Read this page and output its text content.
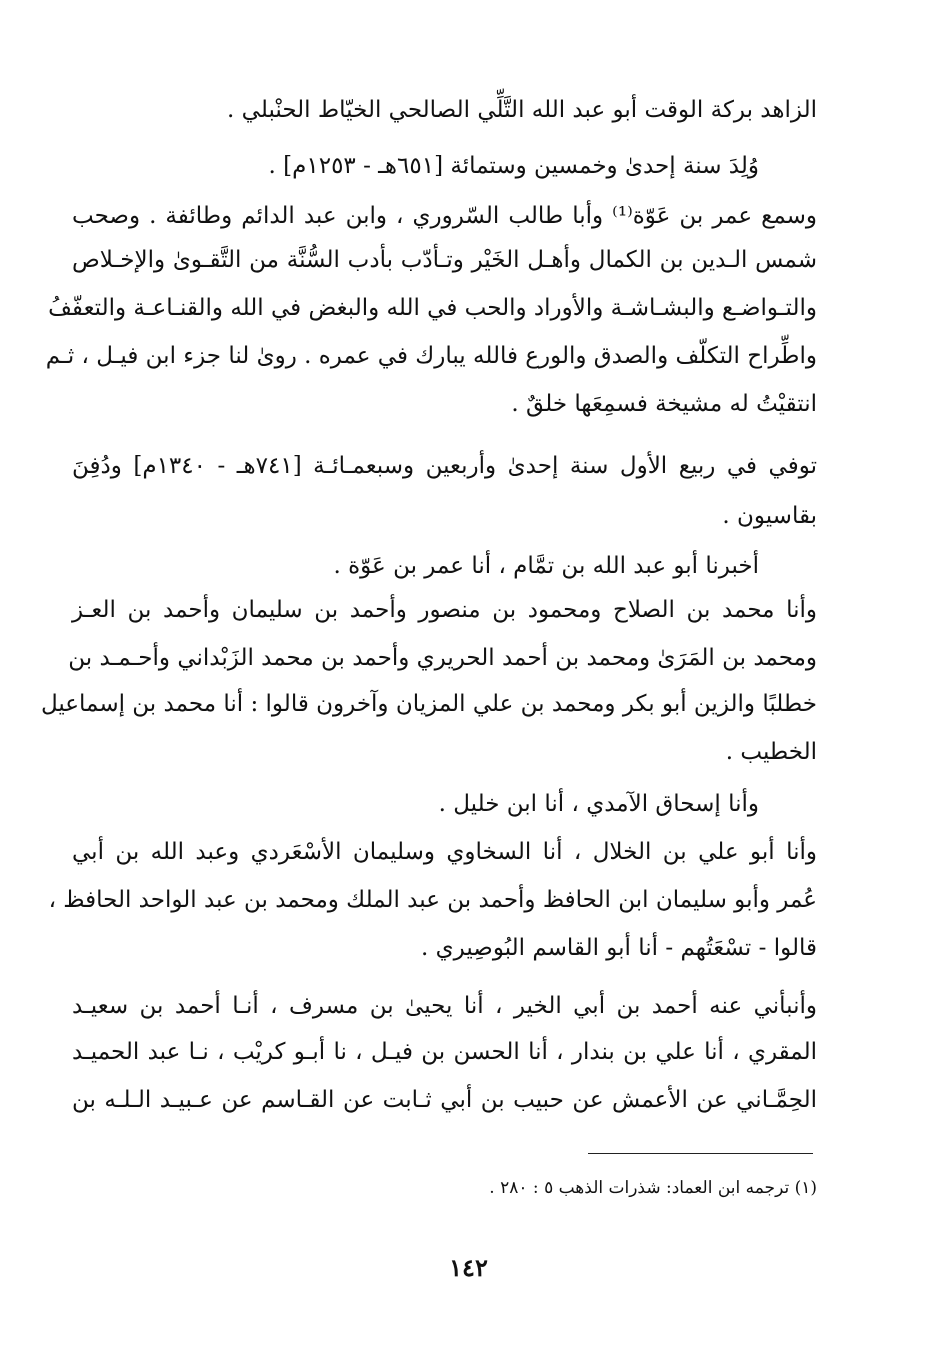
الزاهد بركة الوقت أبو عبد الله التَّلِّي الصالحي الخيّاط الحنْبلي .
وُلِدَ سنة إحدىٰ وخمسين وستمائة [٦٥١هـ - ١٢٥٣م] .
وسمع عمر بن عَوّة⁽¹⁾ وأبا طالب السّروري ، وابن عبد الدائم وطائفة . وصحب
شمس الـدين بن الكمال وأهـل الخَيْر وتـأدّب بأدب السُّنَّة من التَّقـوىٰ والإخـلاص
والتـواضـع والبشـاشـة والأوراد والحب في الله والبغض في الله والقنـاعـة والتعفّفُ
واطِّراح التكلّف والصدق والورع فالله يبارك في عمره . روىٰ لنا جزء ابن فيـل ، ثـم
انتقيْتُ له مشيخة فسمِعَها خلقٌ .
توفي في ربيع الأول سنة إحدىٰ وأربعين وسبعمـائـة [٧٤١هـ - ١٣٤٠م] ودُفِنَ
بقاسيون .
أخبرنا أبو عبد الله بن تمَّام ، أنا عمر بن عَوّة .
وأنا محمد بن الصلاح ومحمود بن منصور وأحمد بن سليمان وأحمد بن العـز
ومحمد بن المَرَىٰ ومحمد بن أحمد الحريري وأحمد بن محمد الزَبْداني وأحـمـد بن
خطلبًا والزين أبو بكر ومحمد بن علي المزيان وآخرون قالوا : أنا محمد بن إسماعيل
الخطيب .
وأنا إسحاق الآمدي ، أنا ابن خليل .
وأنا أبو علي بن الخلال ، أنا السخاوي وسليمان الأسْعَردي وعبد الله بن أبي
عُمر وأبو سليمان ابن الحافظ وأحمد بن عبد الملك ومحمد بن عبد الواحد الحافظ ،
قالوا - تسْعَتُهم - أنا أبو القاسم البُوصِيري .
وأنبأني عنه أحمد بن أبي الخير ، أنا يحيىٰ بن مسرف ، أنـا أحمد بن سعيـد
المقري ، أنا علي بن بندار ، أنا الحسن بن فيـل ، نا أبـو كريْب ، نـا عبد الحميـد
الحِمَّـاني عن الأعمش عن حبيب بن أبي ثـابت عن القـاسم عن عـبيـد الـلـه بن
(١) ترجمه ابن العماد: شذرات الذهب ٥ : ٢٨٠ .
١٤٢
